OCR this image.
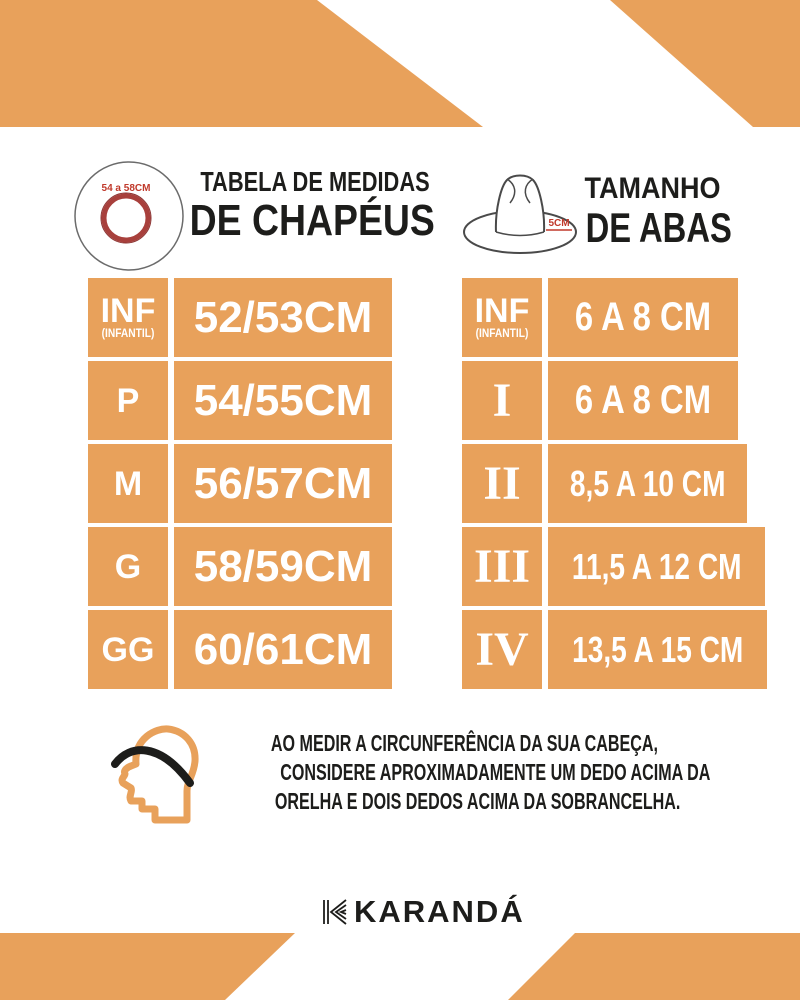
54 a 58CM	TABELA DE MEDIDAS
DE CHAPÉUS	5CM
TAMANHO
DE ABAS
INF
(INFANTIL) 52/53CM
P 54/55CM
M 56/57CM
G 58/59CM
GG 60/61CM
INF
(INFANTIL)	6 A 8 CM
I	6 A 8 CM
II	8,5 A 10 CM
III	11,5 A 12 CM
IV	13,5 A 15 CM
AO MEDIR A CIRCUNFERÊNCIA DA SUA CABEÇA,
CONSIDERE APROXIMADAMENTE UM DEDO ACIMA DA
ORELHA E DOIS DEDOS ACIMA DA SOBRANCELHA.
KARANDÁ
